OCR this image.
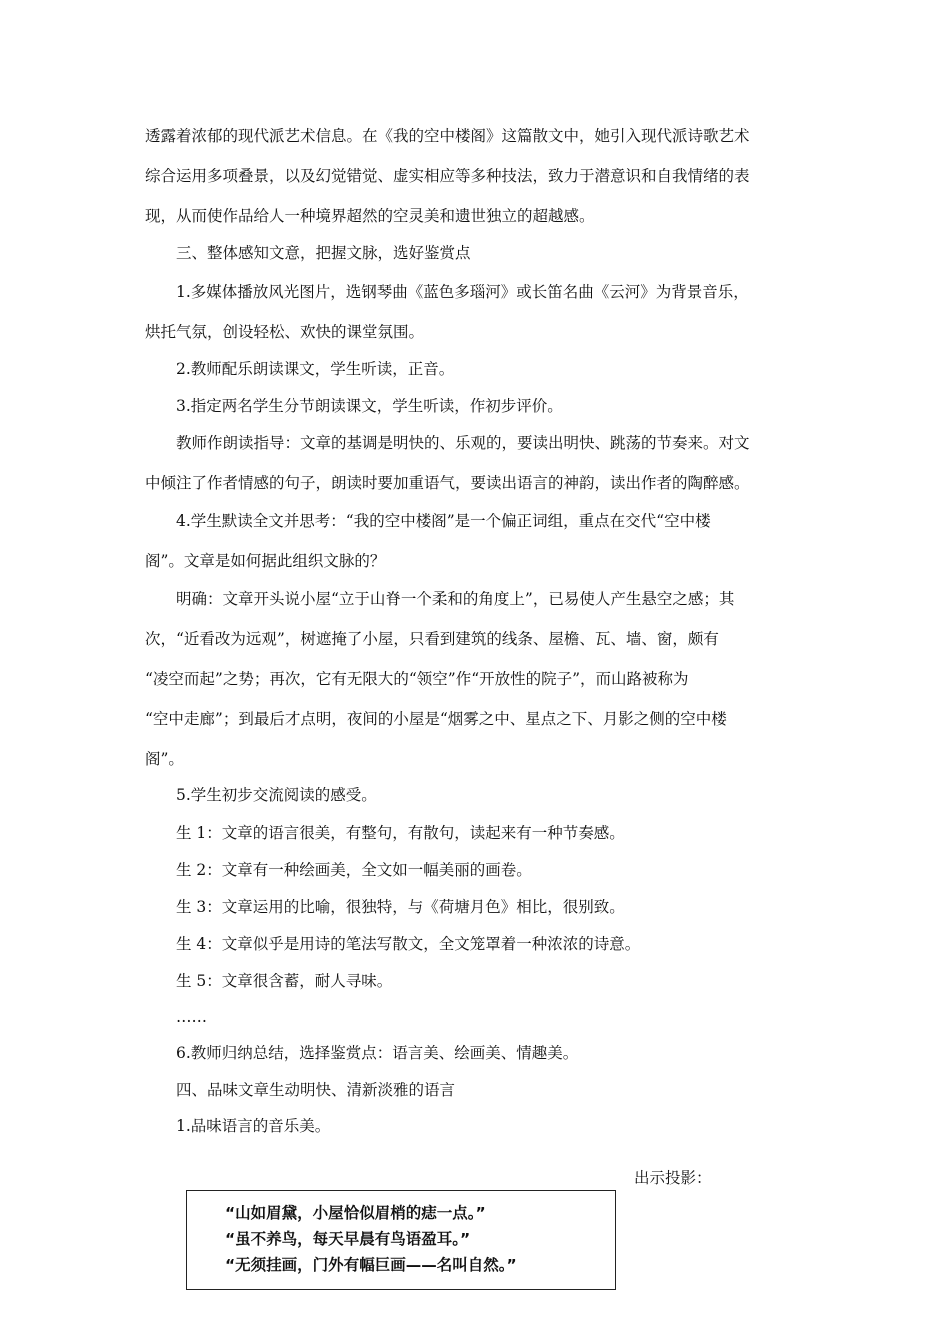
透露着浓郁的现代派艺术信息。在《我的空中楼阁》这篇散文中，她引入现代派诗歌艺术
综合运用多项叠景，以及幻觉错觉、虚实相应等多种技法，致力于潜意识和自我情绪的表
现，从而使作品给人一种境界超然的空灵美和遗世独立的超越感。
三、整体感知文意，把握文脉，选好鉴赏点
1.多媒体播放风光图片，选钢琴曲《蓝色多瑙河》或长笛名曲《云河》为背景音乐，
烘托气氛，创设轻松、欢快的课堂氛围。
2.教师配乐朗读课文，学生听读，正音。
3.指定两名学生分节朗读课文，学生听读，作初步评价。
教师作朗读指导：文章的基调是明快的、乐观的，要读出明快、跳荡的节奏来。对文
中倾注了作者情感的句子，朗读时要加重语气，要读出语言的神韵，读出作者的陶醉感。
4.学生默读全文并思考：“我的空中楼阁”是一个偏正词组，重点在交代“空中楼
阁”。文章是如何据此组织文脉的？
明确：文章开头说小屋“立于山脊一个柔和的角度上”，已易使人产生悬空之感；其
次，“近看改为远观”，树遮掩了小屋，只看到建筑的线条、屋檐、瓦、墙、窗，颇有
“凌空而起”之势；再次，它有无限大的“领空”作“开放性的院子”，而山路被称为
“空中走廊”；到最后才点明，夜间的小屋是“烟雾之中、星点之下、月影之侧的空中楼
阁”。
5.学生初步交流阅读的感受。
生 1：文章的语言很美，有整句，有散句，读起来有一种节奏感。
生 2：文章有一种绘画美，全文如一幅美丽的画卷。
生 3：文章运用的比喻，很独特，与《荷塘月色》相比，很别致。
生 4：文章似乎是用诗的笔法写散文，全文笼罩着一种浓浓的诗意。
生 5：文章很含蓄，耐人寻味。
……
6.教师归纳总结，选择鉴赏点：语言美、绘画美、情趣美。
四、品味文章生动明快、清新淡雅的语言
1.品味语言的音乐美。
出示投影：
“山如眉黛，小屋恰似眉梢的痣一点。”
“虽不养鸟，每天早晨有鸟语盈耳。”
“无须挂画，门外有幅巨画——名叫自然。”
